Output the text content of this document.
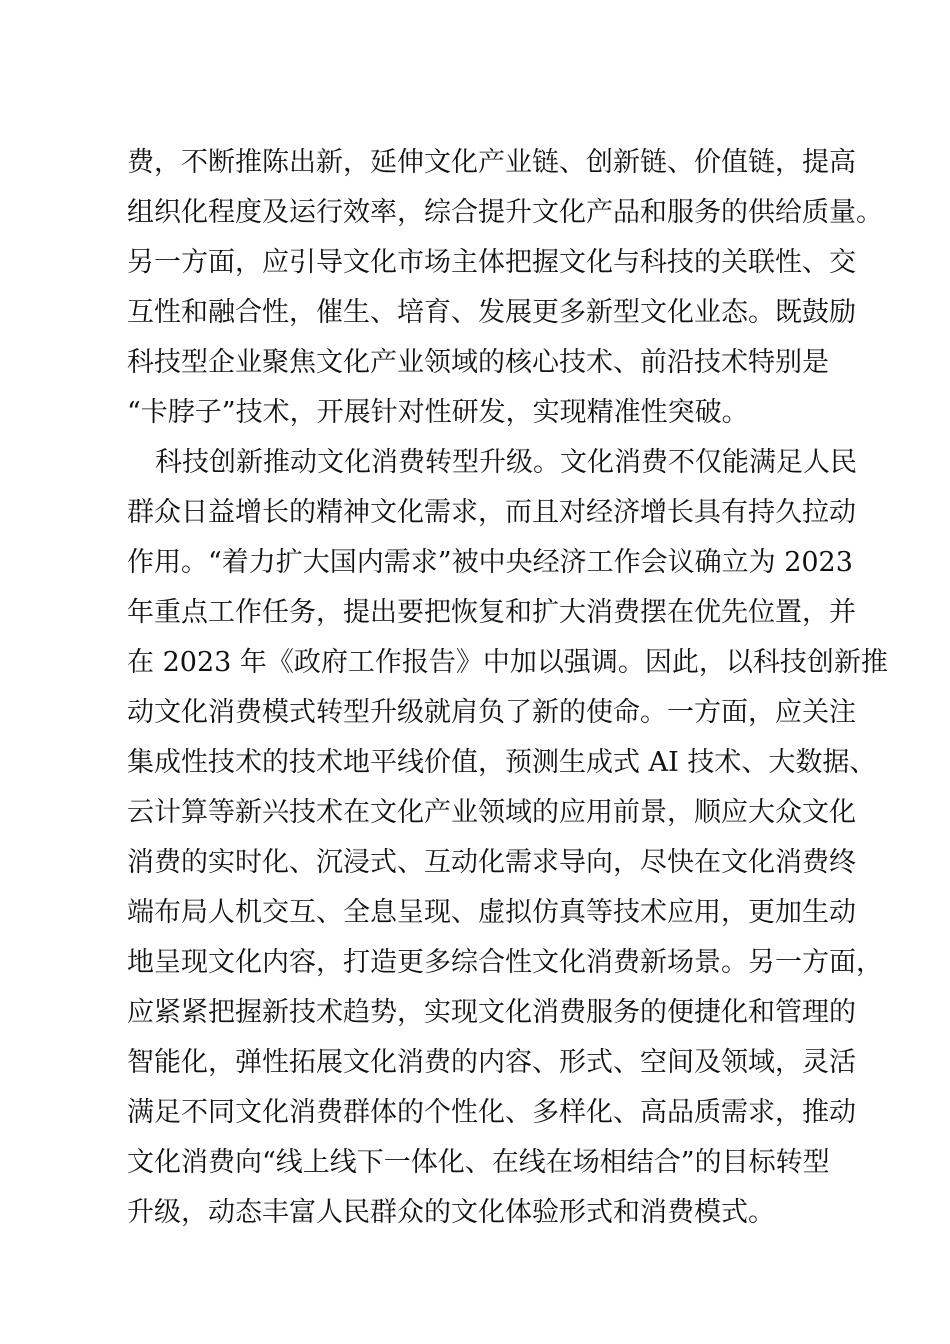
费，不断推陈出新，延伸文化产业链、创新链、价值链，提高
组织化程度及运行效率，综合提升文化产品和服务的供给质量。
另一方面，应引导文化市场主体把握文化与科技的关联性、交
互性和融合性，催生、培育、发展更多新型文化业态。既鼓励
科技型企业聚焦文化产业领域的核心技术、前沿技术特别是
“卡脖子”技术，开展针对性研发，实现精准性突破。
科技创新推动文化消费转型升级。文化消费不仅能满足人民
群众日益增长的精神文化需求，而且对经济增长具有持久拉动
作用。“着力扩大国内需求”被中央经济工作会议确立为 2023
年重点工作任务，提出要把恢复和扩大消费摆在优先位置，并
在 2023 年《政府工作报告》中加以强调。因此，以科技创新推
动文化消费模式转型升级就肩负了新的使命。一方面，应关注
集成性技术的技术地平线价值，预测生成式 AI 技术、大数据、
云计算等新兴技术在文化产业领域的应用前景，顺应大众文化
消费的实时化、沉浸式、互动化需求导向，尽快在文化消费终
端布局人机交互、全息呈现、虚拟仿真等技术应用，更加生动
地呈现文化内容，打造更多综合性文化消费新场景。另一方面，
应紧紧把握新技术趋势，实现文化消费服务的便捷化和管理的
智能化，弹性拓展文化消费的内容、形式、空间及领域，灵活
满足不同文化消费群体的个性化、多样化、高品质需求，推动
文化消费向“线上线下一体化、在线在场相结合”的目标转型
升级，动态丰富人民群众的文化体验形式和消费模式。
